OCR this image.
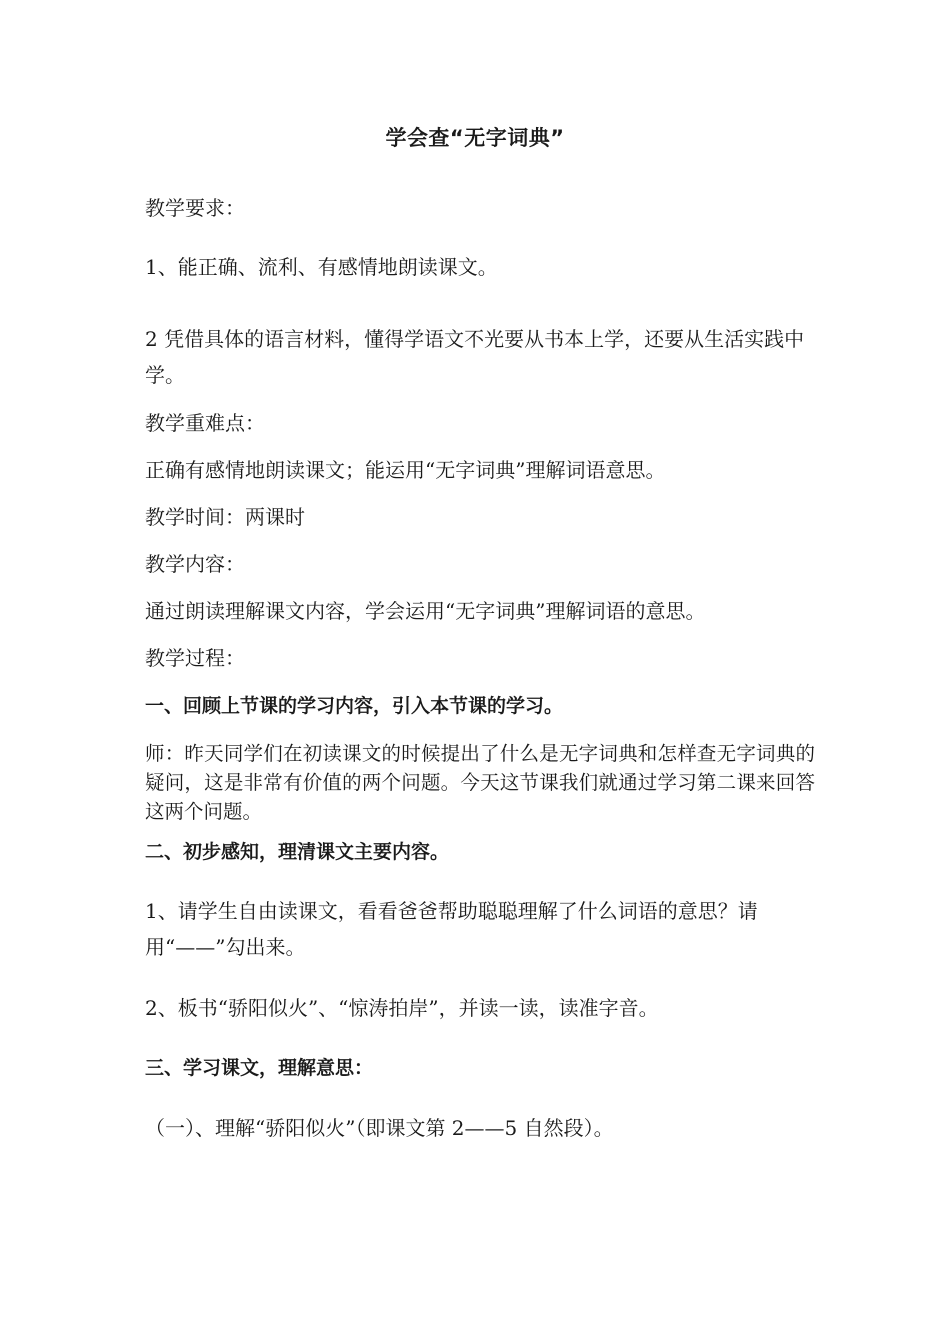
学会查“无字词典”
教学要求：
1、能正确、流利、有感情地朗读课文。
2 凭借具体的语言材料，懂得学语文不光要从书本上学，还要从生活实践中学。
教学重难点：
正确有感情地朗读课文；能运用“无字词典”理解词语意思。
教学时间：两课时
教学内容：
通过朗读理解课文内容，学会运用“无字词典”理解词语的意思。
教学过程：
一、回顾上节课的学习内容，引入本节课的学习。
师：昨天同学们在初读课文的时候提出了什么是无字词典和怎样查无字词典的疑问，这是非常有价值的两个问题。今天这节课我们就通过学习第二课来回答这两个问题。
二、初步感知，理清课文主要内容。
1、请学生自由读课文，看看爸爸帮助聪聪理解了什么词语的意思？请用“——”勾出来。
2、板书“骄阳似火”、“惊涛拍岸”，并读一读，读准字音。
三、学习课文，理解意思：
（一）、理解“骄阳似火”（即课文第 2——5 自然段）。
